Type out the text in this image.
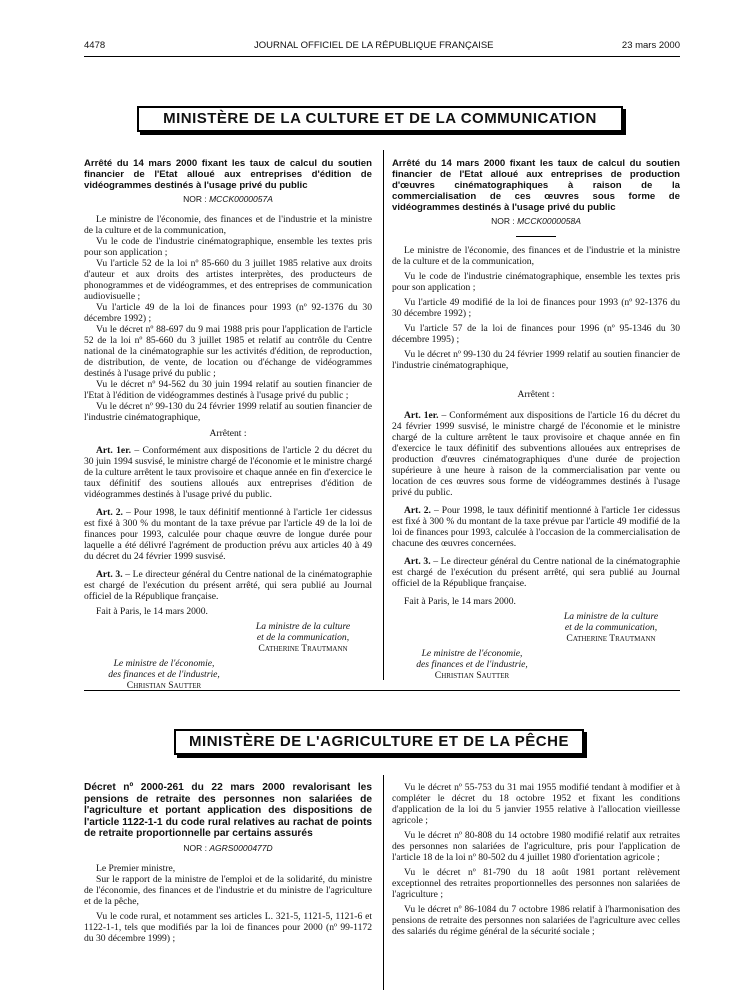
4478	JOURNAL OFFICIEL DE LA RÉPUBLIQUE FRANÇAISE	23 mars 2000
MINISTÈRE DE LA CULTURE ET DE LA COMMUNICATION
Arrêté du 14 mars 2000 fixant les taux de calcul du soutien financier de l'Etat alloué aux entreprises d'édition de vidéogrammes destinés à l'usage privé du public
NOR : MCCK0000057A

Le ministre de l'économie, des finances et de l'industrie et la ministre de la culture et de la communication,

Vu le code de l'industrie cinématographique, ensemble les textes pris pour son application ;

Vu l'article 52 de la loi nº 85-660 du 3 juillet 1985 relative aux droits d'auteur et aux droits des artistes interprètes, des producteurs de phonogrammes et de vidéogrammes, et des entreprises de communication audiovisuelle ;

Vu l'article 49 de la loi de finances pour 1993 (nº 92-1376 du 30 décembre 1992) ;

Vu le décret nº 88-697 du 9 mai 1988 pris pour l'application de l'article 52 de la loi nº 85-660 du 3 juillet 1985 et relatif au contrôle du Centre national de la cinématographie sur les activités d'édition, de reproduction, de distribution, de vente, de location ou d'échange de vidéogrammes destinés à l'usage privé du public ;

Vu le décret nº 94-562 du 30 juin 1994 relatif au soutien financier de l'Etat à l'édition de vidéogrammes destinés à l'usage privé du public ;

Vu le décret nº 99-130 du 24 février 1999 relatif au soutien financier de l'industrie cinématographique,

Arrêtent :

Art. 1er. – Conformément aux dispositions de l'article 2 du décret du 30 juin 1994 susvisé, le ministre chargé de l'économie et le ministre chargé de la culture arrêtent le taux provisoire et chaque année en fin d'exercice le taux définitif des soutiens alloués aux entreprises d'édition de vidéogrammes destinés à l'usage privé du public.

Art. 2. – Pour 1998, le taux définitif mentionné à l'article 1er cidessus est fixé à 300 % du montant de la taxe prévue par l'article 49 de la loi de finances pour 1993, calculée pour chaque œuvre de longue durée pour laquelle a été délivré l'agrément de production prévu aux articles 40 à 49 du décret du 24 février 1999 susvisé.

Art. 3. – Le directeur général du Centre national de la cinématographie est chargé de l'exécution du présent arrêté, qui sera publié au Journal officiel de la République française.

Fait à Paris, le 14 mars 2000.

La ministre de la culture
et de la communication,
Catherine Trautmann
Le ministre de l'économie,
des finances et de l'industrie,
Christian Sautter
Arrêté du 14 mars 2000 fixant les taux de calcul du soutien financier de l'Etat alloué aux entreprises de production d'œuvres cinématographiques à raison de la commercialisation de ces œuvres sous forme de vidéogrammes destinés à l'usage privé du public
NOR : MCCK0000058A

Le ministre de l'économie, des finances et de l'industrie et la ministre de la culture et de la communication,

Vu le code de l'industrie cinématographique, ensemble les textes pris pour son application ;

Vu l'article 49 modifié de la loi de finances pour 1993 (nº 92-1376 du 30 décembre 1992) ;

Vu l'article 57 de la loi de finances pour 1996 (nº 95-1346 du 30 décembre 1995) ;

Vu le décret nº 99-130 du 24 février 1999 relatif au soutien financier de l'industrie cinématographique,

Arrêtent :

Art. 1er. – Conformément aux dispositions de l'article 16 du décret du 24 février 1999 susvisé, le ministre chargé de l'économie et le ministre chargé de la culture arrêtent le taux provisoire et chaque année en fin d'exercice le taux définitif des subventions allouées aux entreprises de production d'œuvres cinématographiques d'une durée de projection supérieure à une heure à raison de la commercialisation par vente ou location de ces œuvres sous forme de vidéogrammes destinés à l'usage privé du public.

Art. 2. – Pour 1998, le taux définitif mentionné à l'article 1er cidessus est fixé à 300 % du montant de la taxe prévue par l'article 49 modifié de la loi de finances pour 1993, calculée à l'occasion de la commercialisation de chacune des œuvres concernées.

Art. 3. – Le directeur général du Centre national de la cinématographie est chargé de l'exécution du présent arrêté, qui sera publié au Journal officiel de la République française.

Fait à Paris, le 14 mars 2000.

La ministre de la culture
et de la communication,
Catherine Trautmann
Le ministre de l'économie,
des finances et de l'industrie,
Christian Sautter
MINISTÈRE DE L'AGRICULTURE ET DE LA PÊCHE
Décret nº 2000-261 du 22 mars 2000 revalorisant les pensions de retraite des personnes non salariées de l'agriculture et portant application des dispositions de l'article 1122-1-1 du code rural relatives au rachat de points de retraite proportionnelle par certains assurés
NOR : AGRS0000477D

Le Premier ministre,

Sur le rapport de la ministre de l'emploi et de la solidarité, du ministre de l'économie, des finances et de l'industrie et du ministre de l'agriculture et de la pêche,

Vu le code rural, et notamment ses articles L. 321-5, 1121-5, 1121-6 et 1122-1-1, tels que modifiés par la loi de finances pour 2000 (nº 99-1172 du 30 décembre 1999) ;

Vu le décret nº 55-753 du 31 mai 1955 modifié tendant à modifier et à compléter le décret du 18 octobre 1952 et fixant les conditions d'application de la loi du 5 janvier 1955 relative à l'allocation vieillesse agricole ;

Vu le décret nº 80-808 du 14 octobre 1980 modifié relatif aux retraites des personnes non salariées de l'agriculture, pris pour l'application de l'article 18 de la loi nº 80-502 du 4 juillet 1980 d'orientation agricole ;

Vu le décret nº 81-790 du 18 août 1981 portant relèvement exceptionnel des retraites proportionnelles des personnes non salariées de l'agriculture ;

Vu le décret nº 86-1084 du 7 octobre 1986 relatif à l'harmonisation des pensions de retraite des personnes non salariées de l'agriculture avec celles des salariés du régime général de la sécurité sociale ;
